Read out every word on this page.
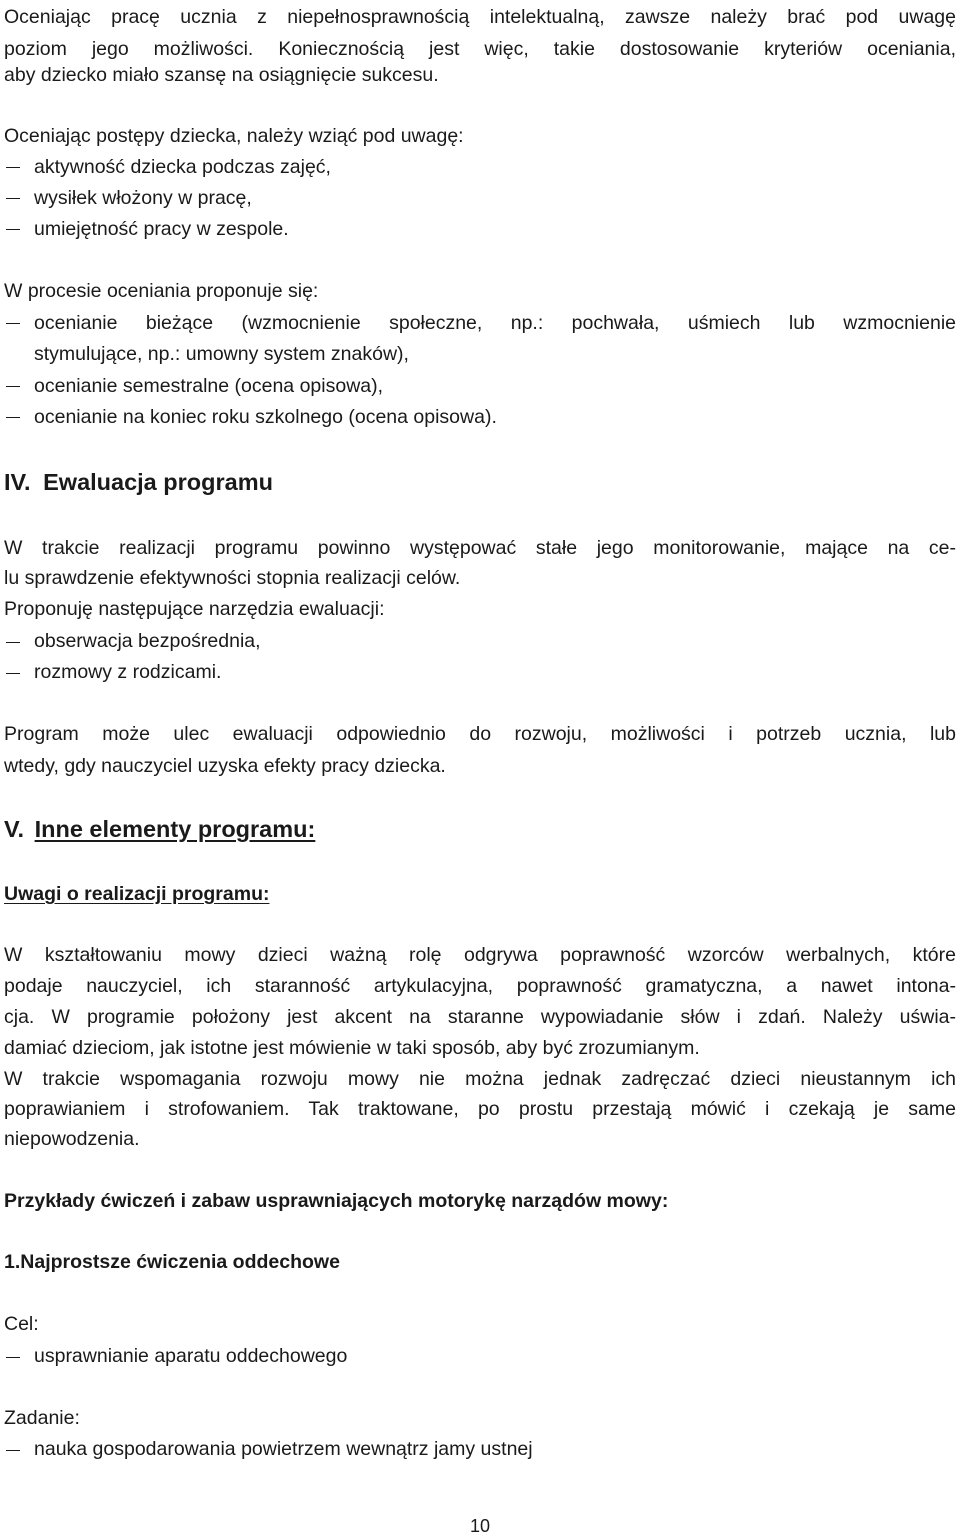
Oceniając pracę ucznia z niepełnosprawnością intelektualną, zawsze należy brać pod uwagę
poziom jego możliwości. Koniecznością jest więc, takie dostosowanie kryteriów oceniania,
aby dziecko miało szansę na osiągnięcie sukcesu.
Oceniając postępy dziecka, należy wziąć pod uwagę:
aktywność dziecka podczas zajęć,
wysiłek włożony w pracę,
umiejętność pracy w zespole.
W procesie oceniania proponuje się:
ocenianie bieżące (wzmocnienie społeczne, np.: pochwała, uśmiech lub wzmocnienie
stymulujące, np.: umowny system znaków),
ocenianie semestralne (ocena opisowa),
ocenianie na koniec roku szkolnego (ocena opisowa).
IV. Ewaluacja programu
W trakcie realizacji programu powinno występować stałe jego monitorowanie, mające na ce-
lu sprawdzenie efektywności stopnia realizacji celów.
Proponuję następujące narzędzia ewaluacji:
obserwacja bezpośrednia,
rozmowy z rodzicami.
Program może ulec ewaluacji odpowiednio do rozwoju, możliwości i potrzeb ucznia, lub
wtedy, gdy nauczyciel uzyska efekty pracy dziecka.
V. Inne elementy programu:
Uwagi o realizacji programu:
W kształtowaniu mowy dzieci ważną rolę odgrywa poprawność wzorców werbalnych, które
podaje nauczyciel, ich staranność artykulacyjna, poprawność gramatyczna, a nawet intona-
cja. W programie położony jest akcent na staranne wypowiadanie słów i zdań. Należy uświa-
damiać dzieciom, jak istotne jest mówienie w taki sposób, aby być zrozumianym.
W trakcie wspomagania rozwoju mowy nie można jednak zadręczać dzieci nieustannym ich
poprawianiem i strofowaniem. Tak traktowane, po prostu przestają mówić i czekają je same
niepowodzenia.
Przykłady ćwiczeń i zabaw usprawniających motorykę narządów mowy:
1.Najprostsze ćwiczenia oddechowe
Cel:
usprawnianie aparatu oddechowego
Zadanie:
nauka gospodarowania powietrzem wewnątrz jamy ustnej
10
